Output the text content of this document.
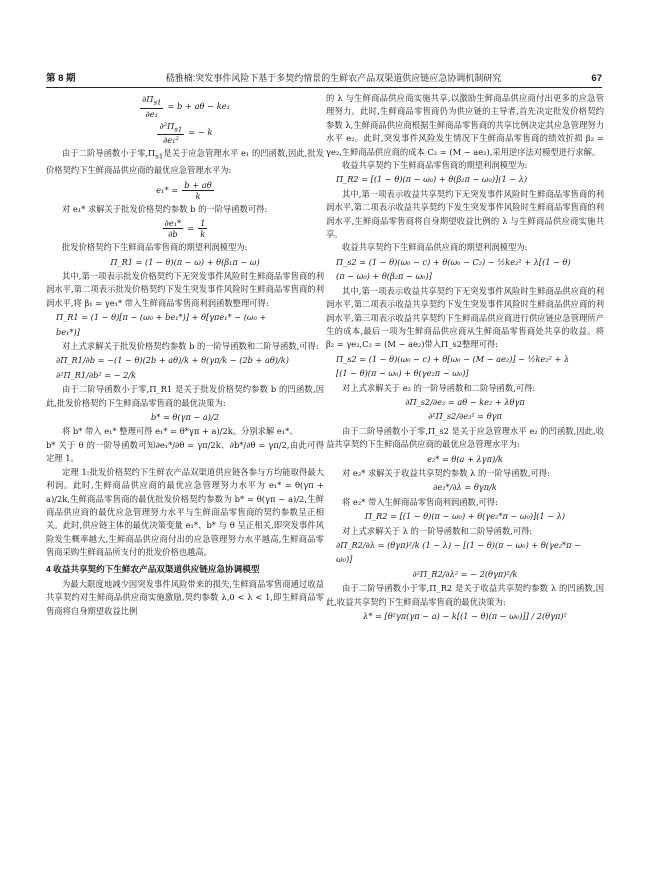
第 8 期	嵇雅楠:突发事件风险下基于多契约情景的生鲜农产品双渠道供应链应急协调机制研究	67
$\frac{\partial\Pi_{s1}}{\text{∂e₁}} = b + a\theta - ke_1$
$\frac{\partial^2\Pi_{s1}}{\text{∂e₁²}}$ = − k
由于二阶导函数小于零$,\Pi_{s1}$是关于应急管理水平 e₁ 的凹函数,因此,批发价格契约下生鲜商品供应商的最优应急管理水平为:
$e_1* = \frac{b + a\theta}{k}$
对 e₁* 求解关于批发价格契约参数 b 的一阶导函数可得:
$\frac{\text{∂e₁*}}{\partial b} = \frac{1}{k}$
批发价格契约下生鲜商品零售商的期望利润模型为:
Π_R1 = (1 − θ)(π − ω) + θ(β₁π − ω)
其中,第一项表示批发价格契约下无突发事件风险时生鲜商品零售商的利润水平,第二项表示批发价格契约下发生突发事件风险时生鲜商品零售商的利润水平,将 β₁ = γe₁* 带入生鲜商品零售商利润函数整理可得:
Π_R1 = (1 − θ)[π − (ω₀ + be₁*)] + θ[γπe₁* − (ω₀ +
be₁*)]
对上式求解关于批发价格契约参数 b 的一阶导函数和二阶导函数,可得:
∂Π_R1/∂b = −(1 − θ)(2b + aθ)/k + θ(γπ/k − (2b + aθ)/k)
∂²Π_R1/∂b² = − 2/k
由于二阶导函数小于零,Π_R1 是关于批发价格契约参数 b 的凹函数,因此,批发价格契约下生鲜商品零售商的最优决策为:
b* = θ(γπ − a)/2
将 b* 带入 e₁* 整理可得 e₁* = θ*γπ + a)/2k。分别求解 e₁*、
b* 关于 θ 的一阶导函数可知∂e₁*/∂θ = γπ/2k、∂b*/∂θ = γπ/2,由此可得定理 1。
定理 1:批发价格契约下生鲜农产品双渠道供应链各参与方均能取得最大利润。此时,生鲜商品供应商的最优应急管理努力水平为 e₁* = θ(γπ + a)/2k,生鲜商品零售商的最优批发价格契约参数为 b* = θ(γπ − a)/2,生鲜商品供应商的最优应急管理努力水平与生鲜商品零售商的契约参数呈正相关。此时,供应链主体的最优决策变量 e₁*、b* 与 θ 呈正相关,即突发事件风险发生概率越大,生鲜商品供应商付出的应急管理努力水平越高,生鲜商品零售商采购生鲜商品所支付的批发价格也越高。
4 收益共享契约下生鲜农产品双渠道供应链应急协调模型
为最大限度地减少因突发事件风险带来的损失,生鲜商品零售商通过收益共享契约对生鲜商品供应商实施激励,契约参数 λ,0 < λ < 1,即生鲜商品零售商将自身期望收益比例
的 λ 与生鲜商品供应商实施共享,以激励生鲜商品供应商付出更多的应急管理努力。此时,生鲜商品零售商仍为供应链的主导者,首先决定批发价格契约参数 λ,生鲜商品供应商根据生鲜商品零售商的共享比例决定其应急管理努力水平 e₂。此时,突发事件风险发生情况下生鲜商品零售商的绩效折损 β₂ = γe₂,生鲜商品供应商的成本 C₂ = (M − ae₂),采用逆序法对模型进行求解。
收益共享契约下生鲜商品零售商的期望利润模型为:
Π_R2 = [(1 − θ)(π − ω₀) + θ(β₂π − ω₀)](1 − λ)
其中,第一项表示收益共享契约下无突发事件风险时生鲜商品零售商的利润水平,第二项表示收益共享契约下发生突发事件风险时生鲜商品零售商的利润水平,生鲜商品零售商将自身期望收益比例的 λ 与生鲜商品供应商实施共享。
收益共享契约下生鲜商品供应商的期望利润模型为:
Π_s2 = (1 − θ)(ω₀ − c) + θ(ω₀ − C₂) − ½ke₂² + λ[(1 − θ)
(π − ω₀) + θ(β₂π − ω₀)]
其中,第一项表示收益共享契约下无突发事件风险时生鲜商品供应商的利润水平,第二项表示收益共享契约下发生突发事件风险时生鲜商品供应商的利润水平,第三项表示收益共享契约下生鲜商品供应商进行供应链应急管理所产生的成本,最后一项为生鲜商品供应商从生鲜商品零售商处共享的收益。将 β₂ = γe₂,C₂ = (M − ae₂)带入Π_s2整理可得:
Π_s2 = (1 − θ)(ω₀ − c) + θ[ω₀ − (M − ae₂)] − ½ke₂² + λ
[(1 − θ)(π − ω₀) + θ(γe₂π − ω₀)]
对上式求解关于 e₂ 的一阶导函数和二阶导函数,可得:
∂Π_s2/∂e₂ = aθ − ke₂ + λθγπ
∂²Π_s2/∂e₂² = θγπ
由于二阶导函数小于零,Π_s2 是关于应急管理水平 e₂ 的凹函数,因此,收益共享契约下生鲜商品供应商的最优应急管理水平为:
e₂* = θ(a + λγπ)/k
对 e₂* 求解关于收益共享契约参数 λ 的一阶导函数,可得:
∂e₂*/∂λ = θγπ/k
将 e₂* 带入生鲜商品零售商利润函数,可得:
Π_R2 = [(1 − θ)(π − ω₀) + θ(γe₂*π − ω₀)](1 − λ)
对上式求解关于 λ 的一阶导函数和二阶导函数,可得:
∂Π_R2/∂λ = (θγπ)²/k (1 − λ) − [(1 − θ)(π − ω₀) + θ(γe₂*π −
ω₀)]
∂²Π_R2/∂λ² = − 2(θγπ)²/k
由于二阶导函数小于零,Π_R2 是关于收益共享契约参数 λ 的凹函数,因此,收益共享契约下生鲜商品零售商的最优决策为:
λ* = [θ²γπ(γπ − a) − k[(1 − θ)(π − ω₀)]] / 2(θγπ)²
